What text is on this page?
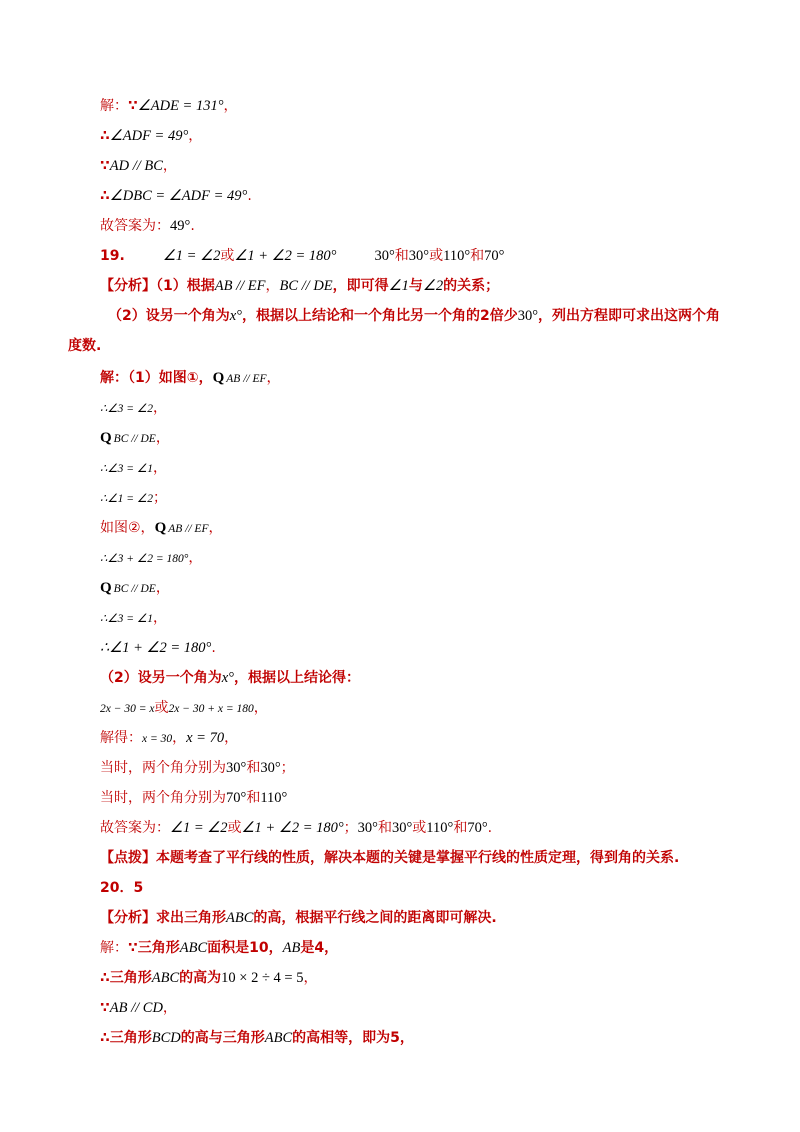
解：∵∠ADE = 131°，
∴∠ADF = 49°，
∵AD // BC，
∴∠DBC = ∠ADF = 49°.
故答案为：49°.
19.	∠1 = ∠2或∠1 + ∠2 = 180°	30°和30°或110°和70°
【分析】（1）根据AB // EF，BC // DE，即可得∠1与∠2的关系；
（2）设另一个角为x°，根据以上结论和一个角比另一个角的2倍少30°，列出方程即可求出这两个角
度数.
解：（1）如图①，Q AB // EF，
∴∠3 = ∠2，
Q BC // DE，
∴∠3 = ∠1，
∴∠1 = ∠2；
如图②，Q AB // EF，
∴∠3 + ∠2 = 180°，
Q BC // DE，
∴∠3 = ∠1，
∴∠1 + ∠2 = 180°.
（2）设另一个角为x°，根据以上结论得：
2x − 30 = x或2x − 30 + x = 180，
解得：x = 30，x = 70，
当时，两个角分别为30°和30°；
当时，两个角分别为70°和110°
故答案为：∠1 = ∠2或∠1 + ∠2 = 180°；30°和30°或110°和70°.
【点拨】本题考查了平行线的性质，解决本题的关键是掌握平行线的性质定理，得到角的关系.
20．5
【分析】求出三角形ABC的高，根据平行线之间的距离即可解决.
解：∵三角形ABC面积是10，AB是4，
∴三角形ABC的高为10 × 2 ÷ 4 = 5，
∵AB // CD，
∴三角形BCD的高与三角形ABC的高相等，即为5，
